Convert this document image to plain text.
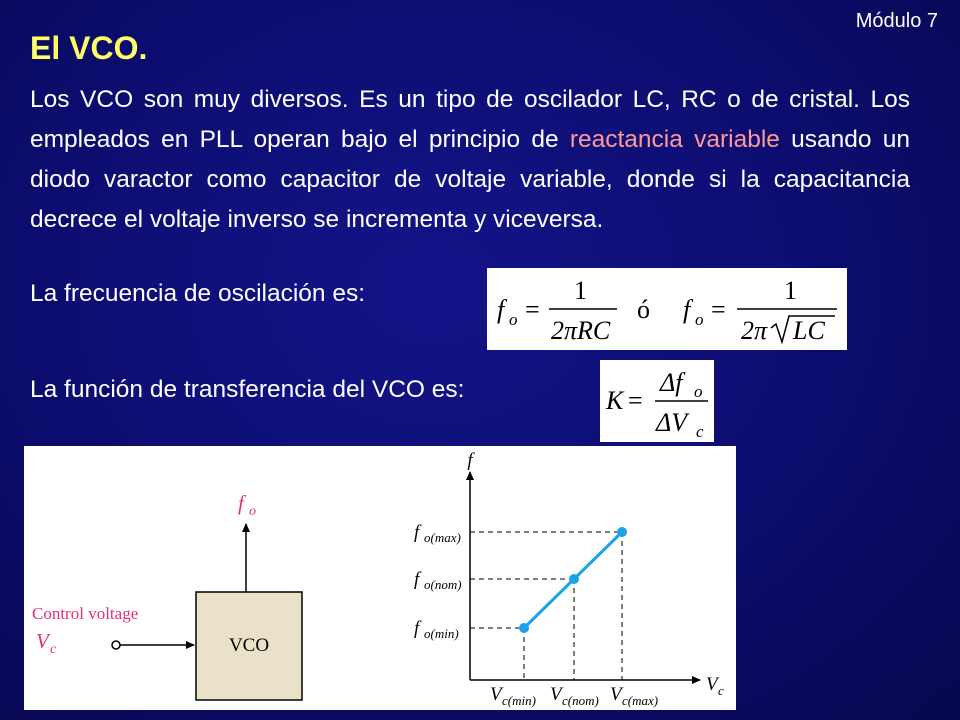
Módulo 7
El VCO.

Los VCO son muy diversos. Es un tipo de oscilador LC, RC o de cristal. Los empleados en PLL operan bajo el principio de reactancia variable usando un diodo varactor como capacitor de voltaje variable, donde si la capacitancia decrece el voltaje inverso se incrementa y viceversa.

La frecuencia de oscilación es:
La función de transferencia del VCO es:
f o =
1
2πRC
ó f o =
1
2π LC
K =
Δf o
ΔV c
VCO
f o
Control voltage
V c
f
V c
f o(max)
f o(nom)
f o(min)
V c(min) V c(nom) V c(max)
